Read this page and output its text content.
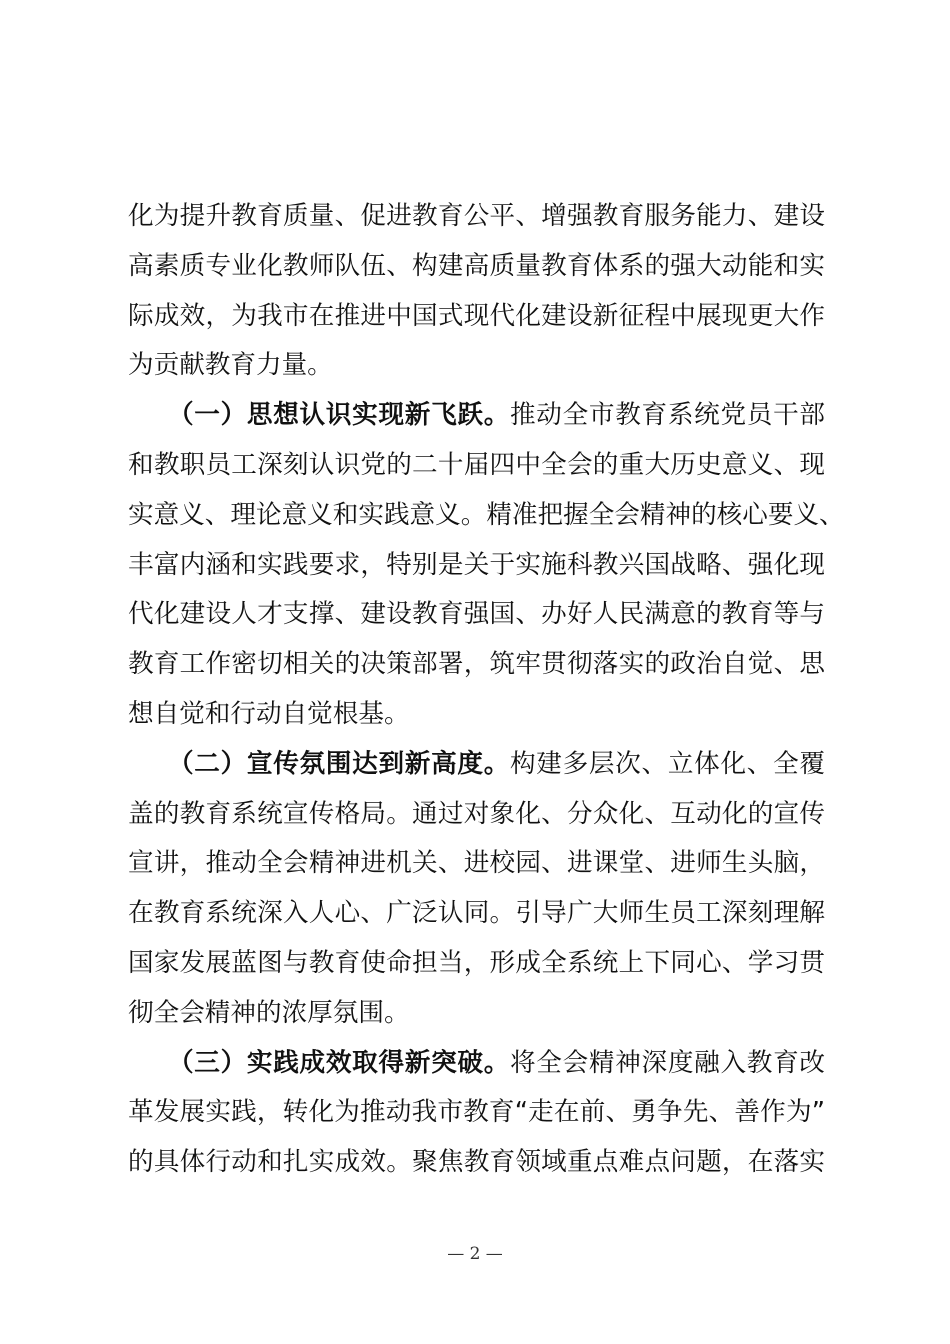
化为提升教育质量、促进教育公平、增强教育服务能力、建设
高素质专业化教师队伍、构建高质量教育体系的强大动能和实
际成效，为我市在推进中国式现代化建设新征程中展现更大作
为贡献教育力量。
（一）思想认识实现新飞跃。推动全市教育系统党员干部
和教职员工深刻认识党的二十届四中全会的重大历史意义、现
实意义、理论意义和实践意义。精准把握全会精神的核心要义、
丰富内涵和实践要求，特别是关于实施科教兴国战略、强化现
代化建设人才支撑、建设教育强国、办好人民满意的教育等与
教育工作密切相关的决策部署，筑牢贯彻落实的政治自觉、思
想自觉和行动自觉根基。
（二）宣传氛围达到新高度。构建多层次、立体化、全覆
盖的教育系统宣传格局。通过对象化、分众化、互动化的宣传
宣讲，推动全会精神进机关、进校园、进课堂、进师生头脑，
在教育系统深入人心、广泛认同。引导广大师生员工深刻理解
国家发展蓝图与教育使命担当，形成全系统上下同心、学习贯
彻全会精神的浓厚氛围。
（三）实践成效取得新突破。将全会精神深度融入教育改
革发展实践，转化为推动我市教育“走在前、勇争先、善作为”
的具体行动和扎实成效。聚焦教育领域重点难点问题，在落实
— 2 —
